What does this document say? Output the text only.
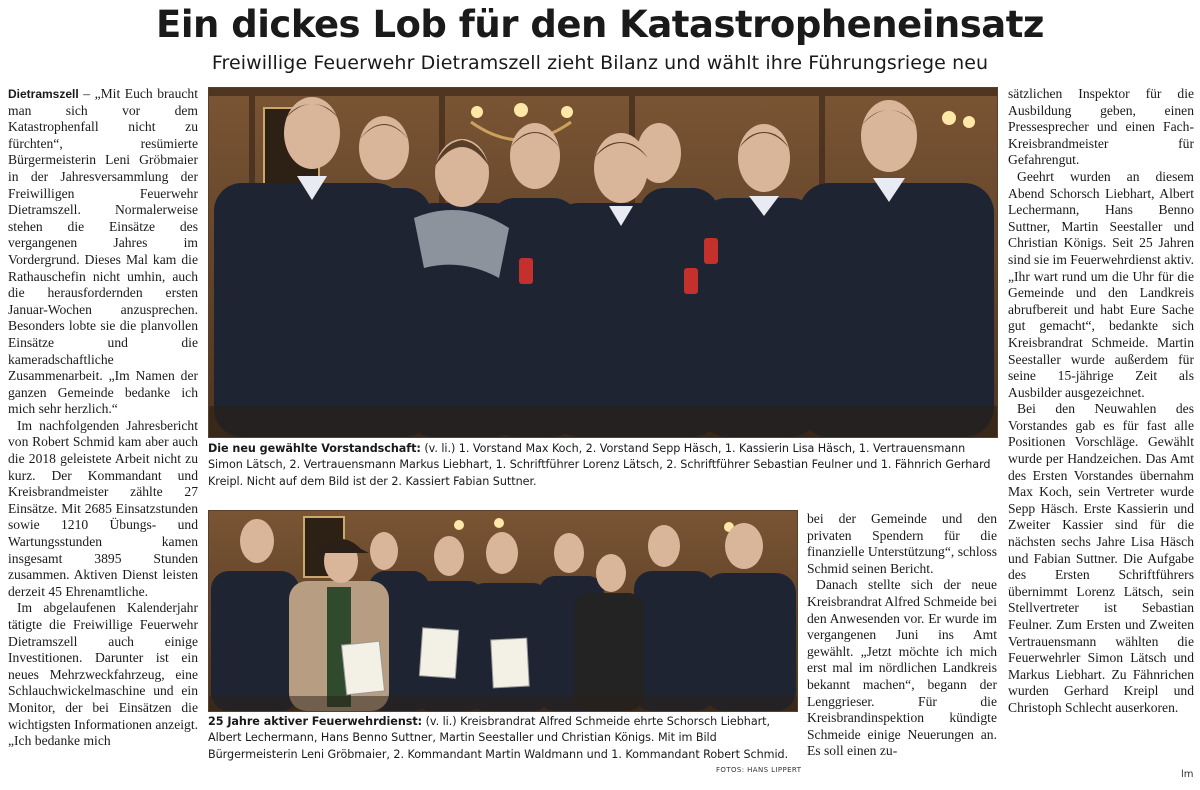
Ein dickes Lob für den Katastropheneinsatz
Freiwillige Feuerwehr Dietramszell zieht Bilanz und wählt ihre Führungsriege neu

Dietramszell – „Mit Euch braucht man sich vor dem Katastrophenfall nicht zu fürchten“, resümierte Bürgermeisterin Leni Gröbmaier in der Jahresversammlung der Freiwilligen Feuerwehr Dietramszell. Normalerweise stehen die Einsätze des vergangenen Jahres im Vordergrund. Dieses Mal kam die Rathauschefin nicht umhin, auch die herausfordernden ersten Januar-Wochen anzusprechen. Besonders lobte sie die planvollen Einsätze und die kameradschaftliche Zusammenarbeit. „Im Namen der ganzen Gemeinde bedanke ich mich sehr herzlich.“

Im nachfolgenden Jahresbericht von Robert Schmid kam aber auch die 2018 geleistete Arbeit nicht zu kurz. Der Kommandant und Kreisbrandmeister zählte 27 Einsätze. Mit 2685 Einsatzstunden sowie 1210 Übungs- und Wartungsstunden kamen insgesamt 3895 Stunden zusammen. Aktiven Dienst leisten derzeit 45 Ehrenamtliche.

Im abgelaufenen Kalenderjahr tätigte die Freiwillige Feuerwehr Dietramszell auch einige Investitionen. Darunter ist ein neues Mehrzweckfahrzeug, eine Schlauchwickelmaschine und ein Monitor, der bei Einsätzen die wichtigsten Informationen anzeigt. „Ich bedanke mich

Die neu gewählte Vorstandschaft: (v. li.) 1. Vorstand Max Koch, 2. Vorstand Sepp Häsch, 1. Kassierin Lisa Häsch, 1. Vertrauensmann Simon Lätsch, 2. Vertrauensmann Markus Liebhart, 1. Schriftführer Lorenz Lätsch, 2. Schriftführer Sebastian Feulner und 1. Fähnrich Gerhard Kreipl. Nicht auf dem Bild ist der 2. Kassiert Fabian Suttner.
25 Jahre aktiver Feuerwehrdienst: (v. li.) Kreisbrandrat Alfred Schmeide ehrte Schorsch Liebhart, Albert Lechermann, Hans Benno Suttner, Martin Seestaller und Christian Königs. Mit im Bild Bürgermeisterin Leni Gröbmaier, 2. Kommandant Martin Waldmann und 1. Kommandant Robert Schmid.
FOTOS: HANS LIPPERT

bei der Gemeinde und den privaten Spendern für die finanzielle Unterstützung“, schloss Schmid seinen Bericht.

Danach stellte sich der neue Kreisbrandrat Alfred Schmeide bei den Anwesenden vor. Er wurde im vergangenen Juni ins Amt gewählt. „Jetzt möchte ich mich erst mal im nördlichen Landkreis bekannt machen“, begann der Lenggrieser. Für die Kreisbrandinspektion kündigte Schmeide einige Neuerungen an. Es soll einen zu-

sätzlichen Inspektor für die Ausbildung geben, einen Pressesprecher und einen Fach-Kreisbrandmeister für Gefahrengut.

Geehrt wurden an diesem Abend Schorsch Liebhart, Albert Lechermann, Hans Benno Suttner, Martin Seestaller und Christian Königs. Seit 25 Jahren sind sie im Feuerwehrdienst aktiv. „Ihr wart rund um die Uhr für die Gemeinde und den Landkreis abrufbereit und habt Eure Sache gut gemacht“, bedankte sich Kreisbrandrat Schmeide. Martin Seestaller wurde außerdem für seine 15-jährige Zeit als Ausbilder ausgezeichnet.

Bei den Neuwahlen des Vorstandes gab es für fast alle Positionen Vorschläge. Gewählt wurde per Handzeichen. Das Amt des Ersten Vorstandes übernahm Max Koch, sein Vertreter wurde Sepp Häsch. Erste Kassierin und Zweiter Kassier sind für die nächsten sechs Jahre Lisa Häsch und Fabian Suttner. Die Aufgabe des Ersten Schriftführers übernimmt Lorenz Lätsch, sein Stellvertreter ist Sebastian Feulner. Zum Ersten und Zweiten Vertrauensmann wählten die Feuerwehrler Simon Lätsch und Markus Liebhart. Zu Fähnrichen wurden Gerhard Kreipl und Christoph Schlecht auserkoren.

lm
